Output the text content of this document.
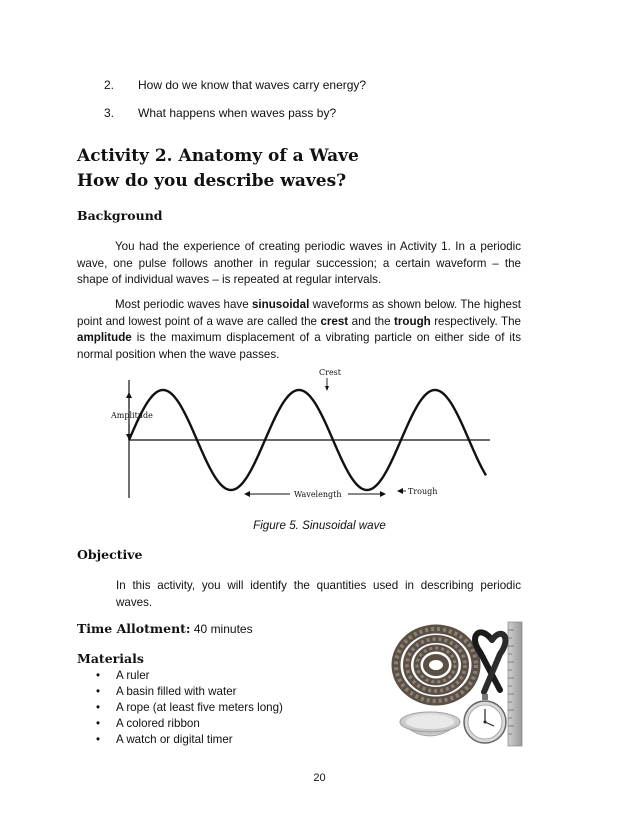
2. How do we know that waves carry energy?
3. What happens when waves pass by?
Activity 2. Anatomy of a Wave
How do you describe waves?
Background

You had the experience of creating periodic waves in Activity 1. In a periodic wave, one pulse follows another in regular succession; a certain waveform – the shape of individual waves – is repeated at regular intervals.

Most periodic waves have sinusoidal waveforms as shown below. The highest point and lowest point of a wave are called the crest and the trough respectively. The amplitude is the maximum displacement of a vibrating particle on either side of its normal position when the wave passes.

Amplitude
Crest
Wavelength	Trough
Figure 5. Sinusoidal wave
Objective
In this activity, you will identify the quantities used in describing periodic waves.
Time Allotment: 40 minutes
Materials
• A ruler
• A basin filled with water
• A rope (at least five meters long)
• A colored ribbon
• A watch or digital timer
20
